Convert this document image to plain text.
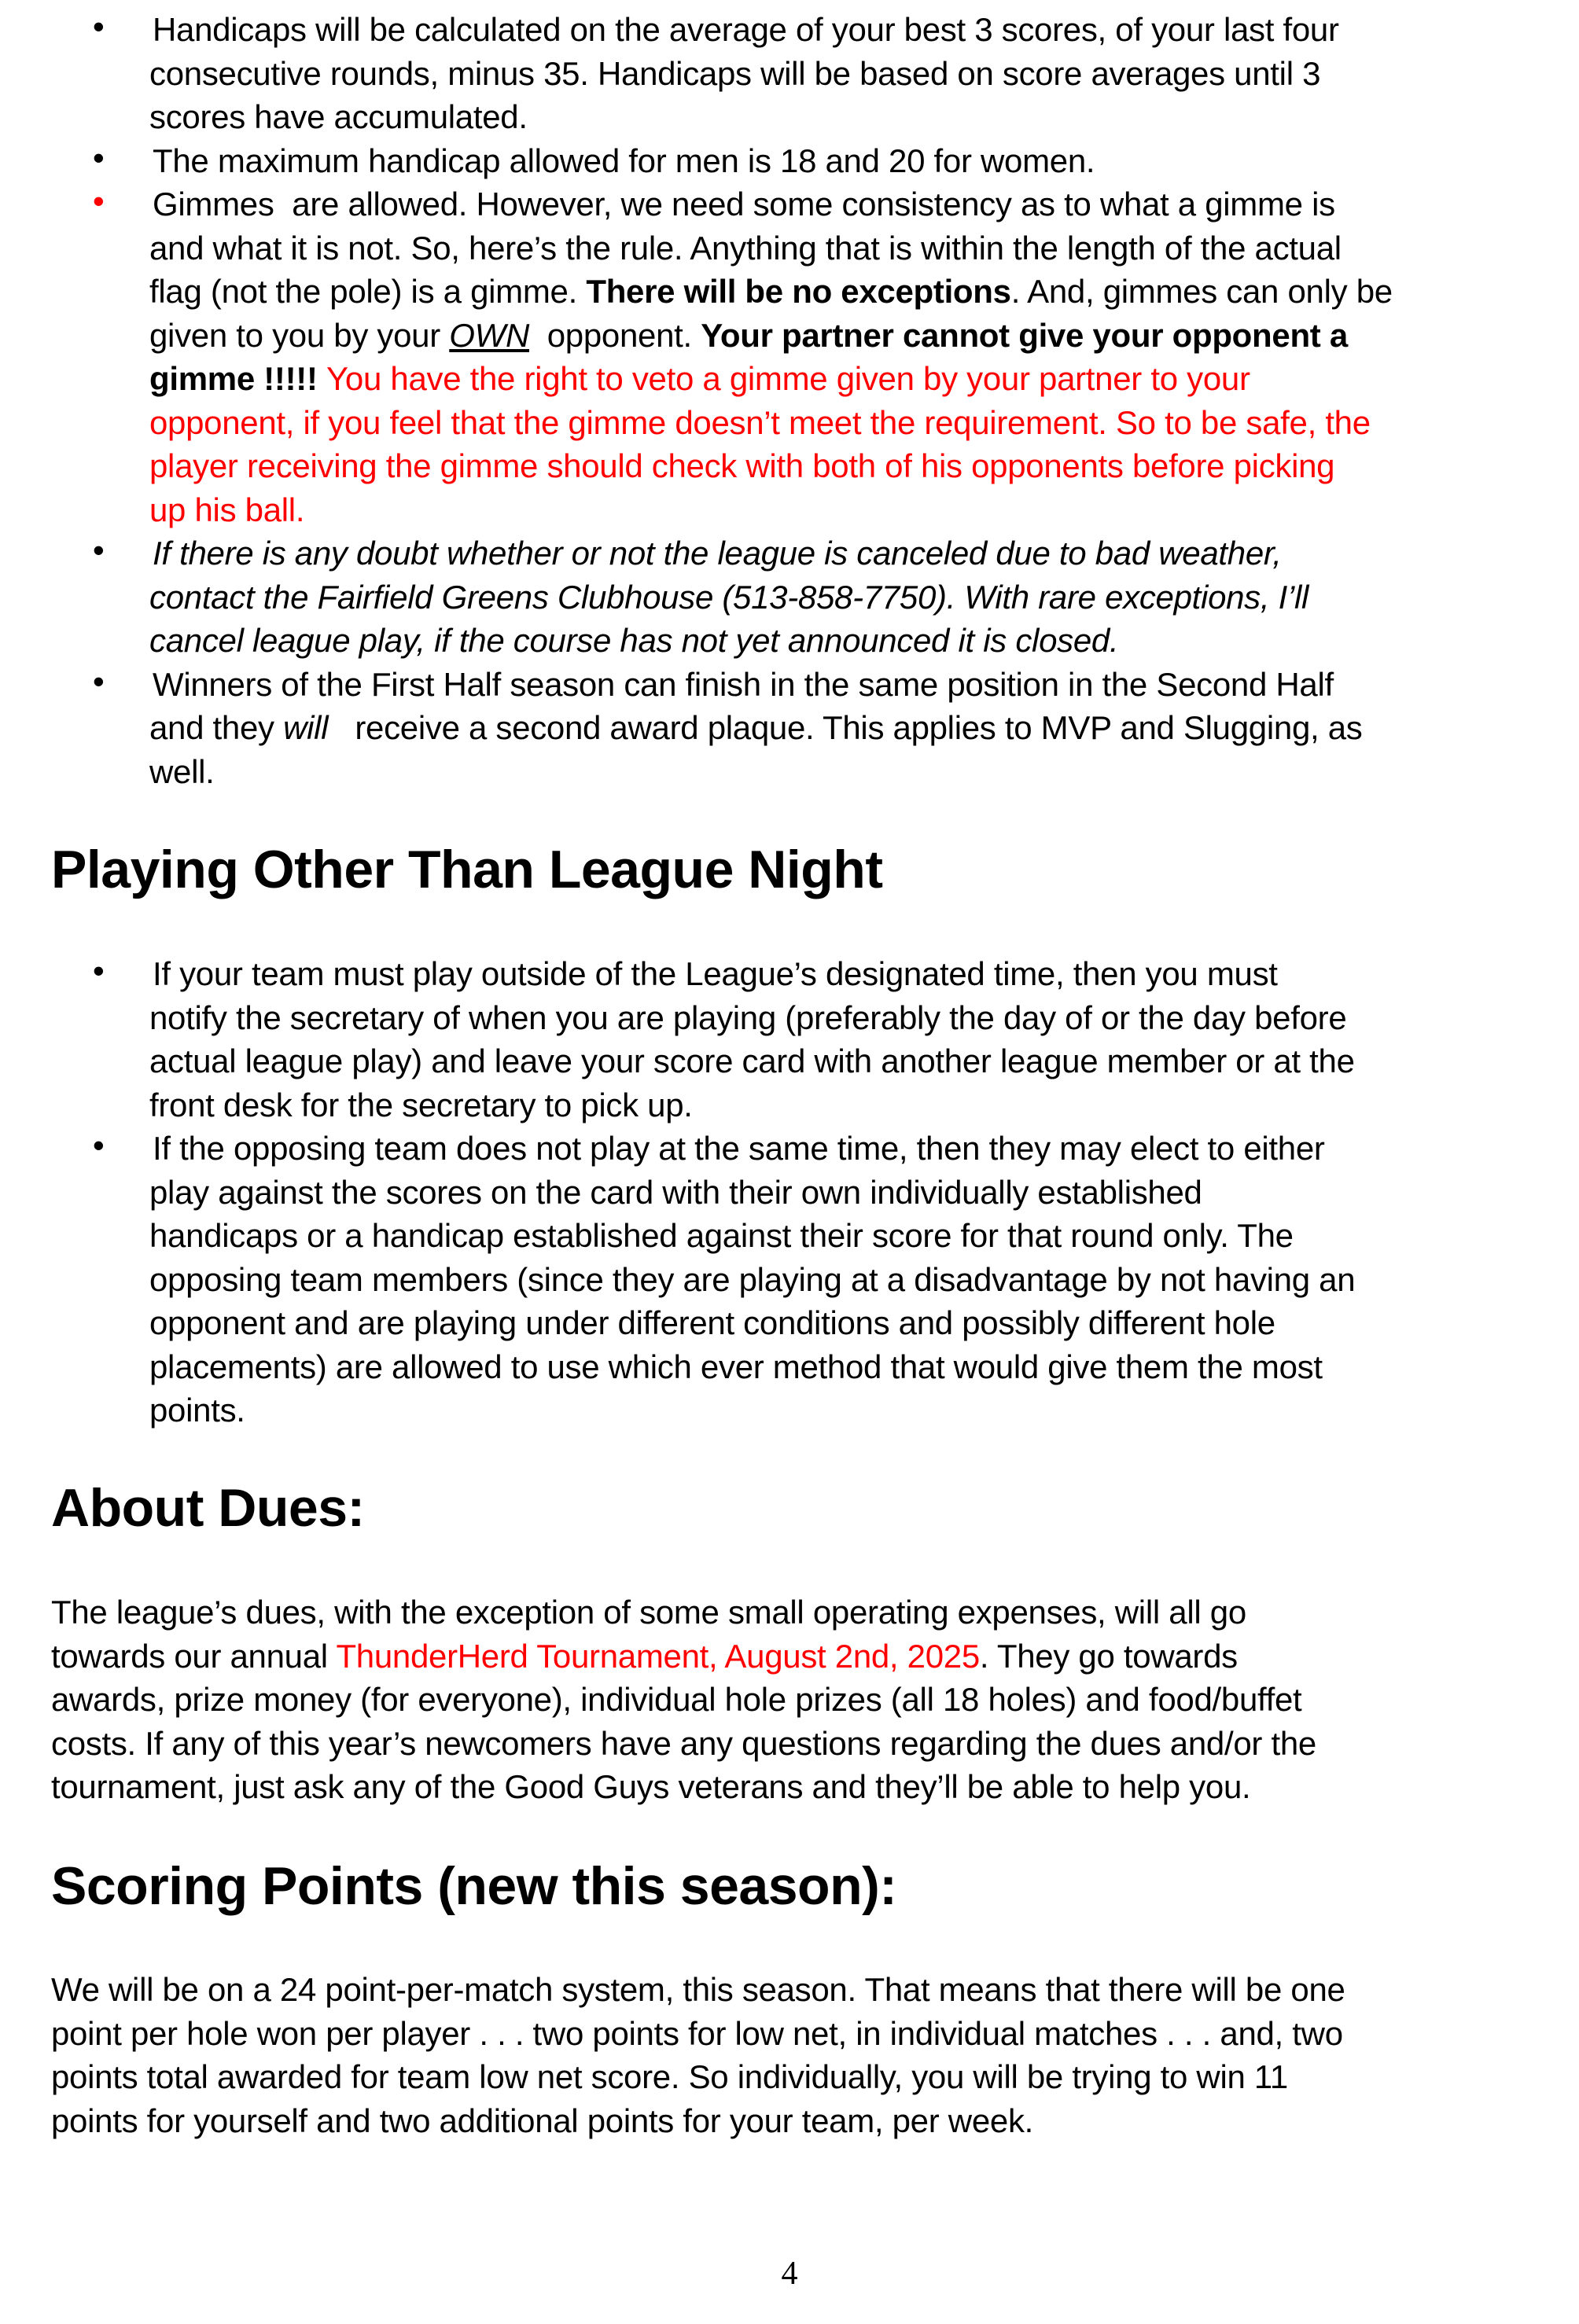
•	Handicaps will be calculated on the average of your best 3 scores, of your last four
consecutive rounds, minus 35. Handicaps will be based on score averages until 3
scores have accumulated.
•	The maximum handicap allowed for men is 18 and 20 for women.
•	Gimmes  are allowed. However, we need some consistency as to what a gimme is
and what it is not. So, here’s the rule. Anything that is within the length of the actual
flag (not the pole) is a gimme. There will be no exceptions. And, gimmes can only be
given to you by your OWN  opponent. Your partner cannot give your opponent a
gimme !!!!! You have the right to veto a gimme given by your partner to your
opponent, if you feel that the gimme doesn’t meet the requirement. So to be safe, the
player receiving the gimme should check with both of his opponents before picking
up his ball.
•	If there is any doubt whether or not the league is canceled due to bad weather,
contact the Fairfield Greens Clubhouse (513-858-7750). With rare exceptions, I’ll
cancel league play, if the course has not yet announced it is closed.
•	Winners of the First Half season can finish in the same position in the Second Half
and they will   receive a second award plaque. This applies to MVP and Slugging, as
well.
Playing Other Than League Night
•	If your team must play outside of the League’s designated time, then you must
notify the secretary of when you are playing (preferably the day of or the day before
actual league play) and leave your score card with another league member or at the
front desk for the secretary to pick up.
•	If the opposing team does not play at the same time, then they may elect to either
play against the scores on the card with their own individually established
handicaps or a handicap established against their score for that round only. The
opposing team members (since they are playing at a disadvantage by not having an
opponent and are playing under different conditions and possibly different hole
placements) are allowed to use which ever method that would give them the most
points.
About Dues:
The league’s dues, with the exception of some small operating expenses, will all go
towards our annual ThunderHerd Tournament, August 2nd, 2025. They go towards
awards, prize money (for everyone), individual hole prizes (all 18 holes) and food/buffet
costs. If any of this year’s newcomers have any questions regarding the dues and/or the
tournament, just ask any of the Good Guys veterans and they’ll be able to help you.
Scoring Points (new this season):
We will be on a 24 point-per-match system, this season. That means that there will be one
point per hole won per player . . . two points for low net, in individual matches . . . and, two
points total awarded for team low net score. So individually, you will be trying to win 11
points for yourself and two additional points for your team, per week.
4
